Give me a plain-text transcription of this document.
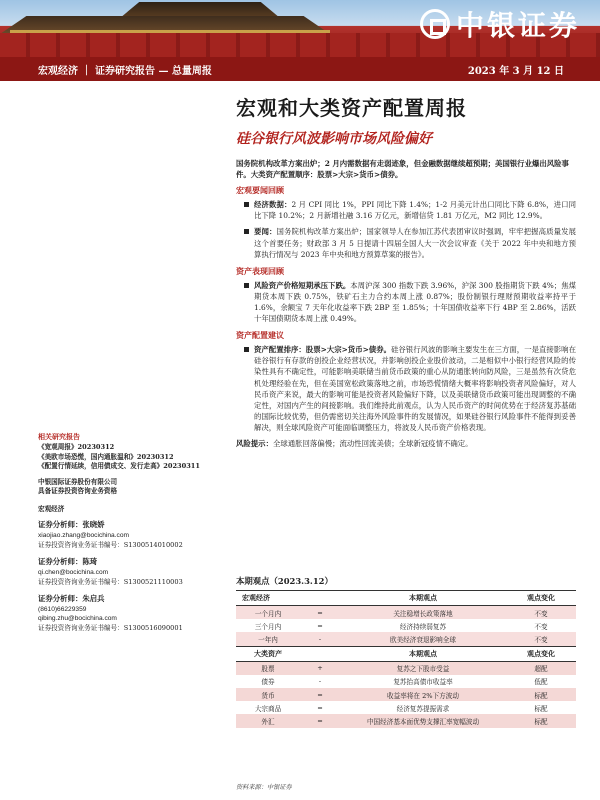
中银证券
宏观经济 ｜ 证券研究报告 — 总量周报	2023 年 3 月 12 日
宏观和大类资产配置周报
硅谷银行风波影响市场风险偏好
国务院机构改革方案出炉；2 月内需数据有走弱迹象，但金融数据继续超预期；美国银行业爆出风险事件。大类资产配置顺序：股票>大宗>货币>债券。
宏观要闻回顾
经济数据：2 月 CPI 同比 1%，PPI 同比下降 1.4%；1-2 月美元计出口同比下降 6.8%，进口同比下降 10.2%；2 月新增社融 3.16 万亿元，新增信贷 1.81 万亿元，M2 同比 12.9%。
要闻：国务院机构改革方案出炉；国家领导人在参加江苏代表团审议时强调，牢牢把握高质量发展这个首要任务；财政部 3 月 5 日提请十四届全国人大一次会议审查《关于 2022 年中央和地方预算执行情况与 2023 年中央和地方预算草案的报告》。
资产表现回顾
风险资产价格短期承压下跌。本周沪深 300 指数下跌 3.96%，沪深 300 股指期货下跌 4%；焦煤期货本周下跌 0.75%，铁矿石主力合约本周上涨 0.87%；股份制银行理财预期收益率持平于 1.6%，余额宝 7 天年化收益率下跌 2BP 至 1.85%；十年国债收益率下行 4BP 至 2.86%，活跃十年国债期货本周上涨 0.49%。
资产配置建议
资产配置排序：股票>大宗>货币>债券。硅谷银行风波的影响主要发生在三方面，一是直接影响在硅谷银行有存款的创投企业经营状况，并影响创投企业股价波动，二是相似中小银行经营风险的传染性具有不确定性，可能影响美联储当前货币政策的重心从防通胀转向防风险，三是虽然有次贷危机处理经验在先，但在美国宽松政策落地之前，市场恐慌情绪大概率将影响投资者风险偏好，对人民币资产来说，最大的影响可能是投资者风险偏好下降，以及美联储货币政策可能出现调整的不确定性，对国内产生的间接影响。我们维持此前观点，认为人民币资产的时间优势在于经济复苏基础的国际比较优势，但仍需密切关注海外风险事件的发展情况，如果硅谷银行风险事件不能得到妥善解决，则全球风险资产可能面临调整压力，将波及人民币资产价格表现。
风险提示：全球通胀回落偏慢；流动性回流美债；全球新冠疫情不确定。
相关研究报告
《宽观周报》20230312
《美欧市场恐慌，国内通胀温和》20230312
《配置行情延续，信用债成交、发行走高》20230311
中银国际证券股份有限公司
具备证券投资咨询业务资格
宏观经济
证券分析师：张晓娇
xiaojiao.zhang@bocichina.com
证券投资咨询业务证书编号：S1300514010002
证券分析师：陈琦
qi.chen@bocichina.com
证券投资咨询业务证书编号：S1300521110003
证券分析师：朱启兵
(8610)66229359
qibing.zhu@bocichina.com
证券投资咨询业务证书编号：S1300516090001
本期观点（2023.3.12）
宏观经济		本期观点	观点变化
一个月内	=	关注稳增长政策落地	不变
三个月内	=	经济持续弱复苏	不变
一年内	-	欧美经济衰退影响全球	不变
大类资产		本期观点	观点变化
股票	+	复苏之下股市受益	超配
债券	-	复苏抬高债市收益率	低配
货币	=	收益率将在 2%下方波动	标配
大宗商品	=	经济复苏提振需求	标配
外汇	=	中国经济基本面优势支撑汇率宽幅波动	标配
资料来源：中银证券
